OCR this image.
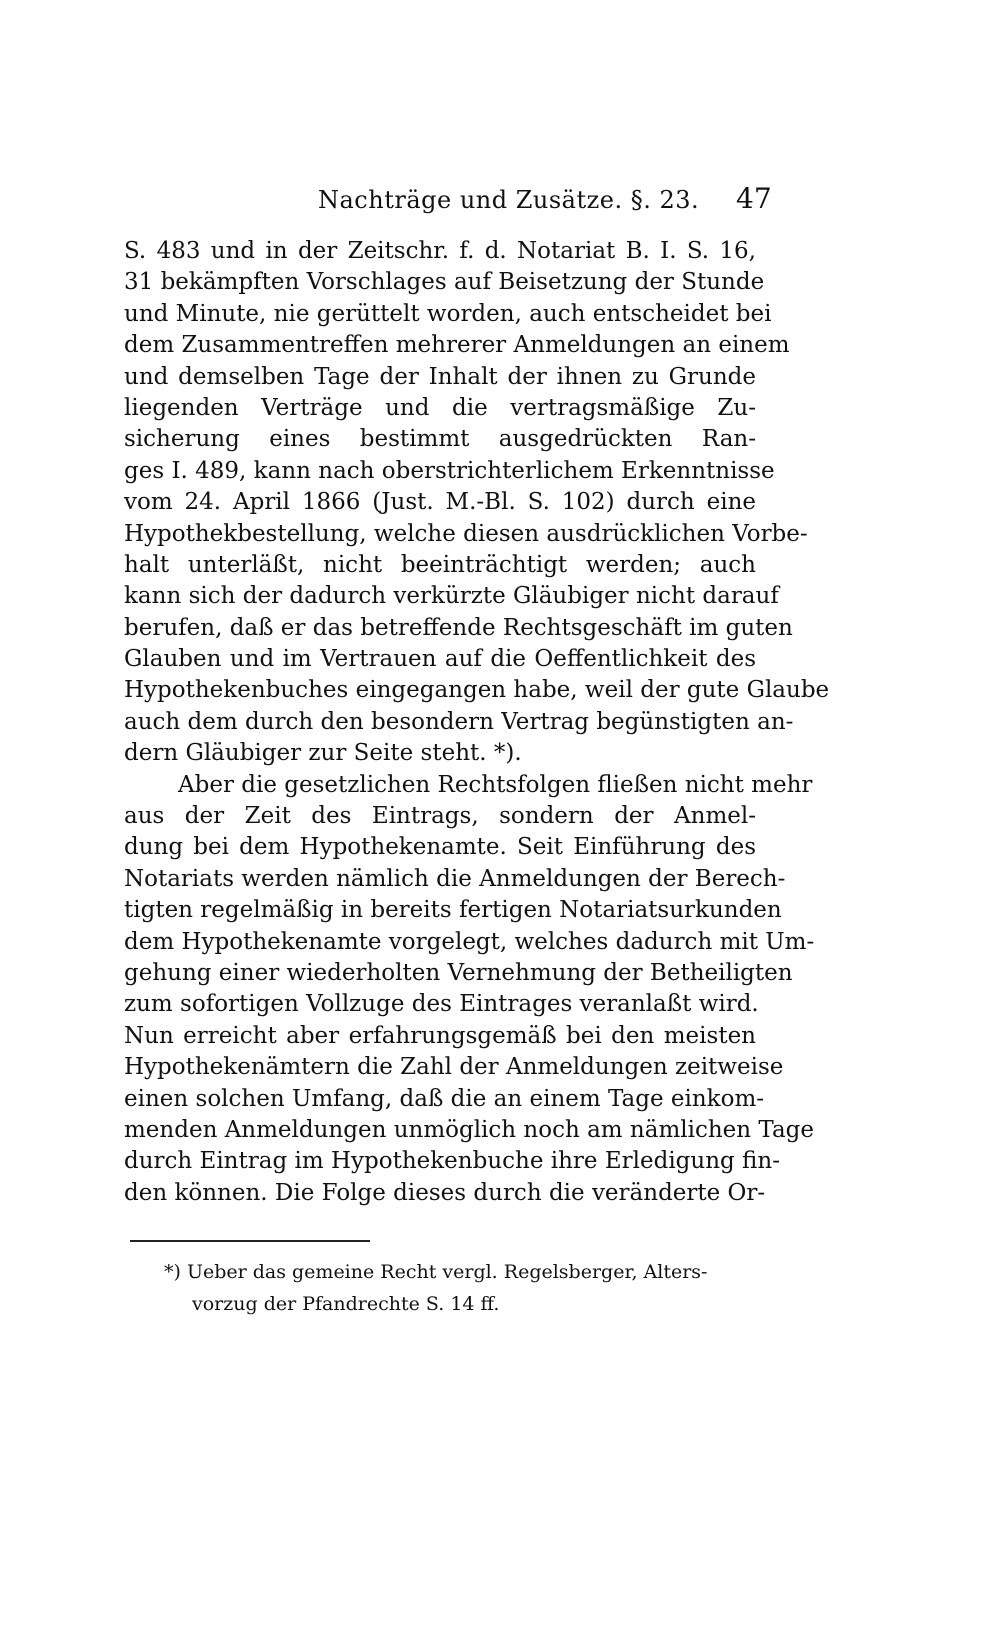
Nachträge und Zusätze. §. 23. 47
S. 483 und in der Zeitschr. f. d. Notariat B. I. S. 16,
31 bekämpften Vorschlages auf Beisetzung der Stunde
und Minute, nie gerüttelt worden, auch entscheidet bei
dem Zusammentreffen mehrerer Anmeldungen an einem
und demselben Tage der Inhalt der ihnen zu Grunde
liegenden Verträge und die vertragsmäßige Zu-
sicherung eines bestimmt ausgedrückten Ran-
ges I. 489, kann nach oberstrichterlichem Erkenntnisse
vom 24. April 1866 (Just. M.-Bl. S. 102) durch eine
Hypothekbestellung, welche diesen ausdrücklichen Vorbe-
halt unterläßt, nicht beeinträchtigt werden; auch
kann sich der dadurch verkürzte Gläubiger nicht darauf
berufen, daß er das betreffende Rechtsgeschäft im guten
Glauben und im Vertrauen auf die Oeffentlichkeit des
Hypothekenbuches eingegangen habe, weil der gute Glaube
auch dem durch den besondern Vertrag begünstigten an-
dern Gläubiger zur Seite steht. *).
Aber die gesetzlichen Rechtsfolgen fließen nicht mehr
aus der Zeit des Eintrags, sondern der Anmel-
dung bei dem Hypothekenamte. Seit Einführung des
Notariats werden nämlich die Anmeldungen der Berech-
tigten regelmäßig in bereits fertigen Notariatsurkunden
dem Hypothekenamte vorgelegt, welches dadurch mit Um-
gehung einer wiederholten Vernehmung der Betheiligten
zum sofortigen Vollzuge des Eintrages veranlaßt wird.
Nun erreicht aber erfahrungsgemäß bei den meisten
Hypothekenämtern die Zahl der Anmeldungen zeitweise
einen solchen Umfang, daß die an einem Tage einkom-
menden Anmeldungen unmöglich noch am nämlichen Tage
durch Eintrag im Hypothekenbuche ihre Erledigung fin-
den können. Die Folge dieses durch die veränderte Or-
*) Ueber das gemeine Recht vergl. Regelsberger, Alters-
vorzug der Pfandrechte S. 14 ff.
